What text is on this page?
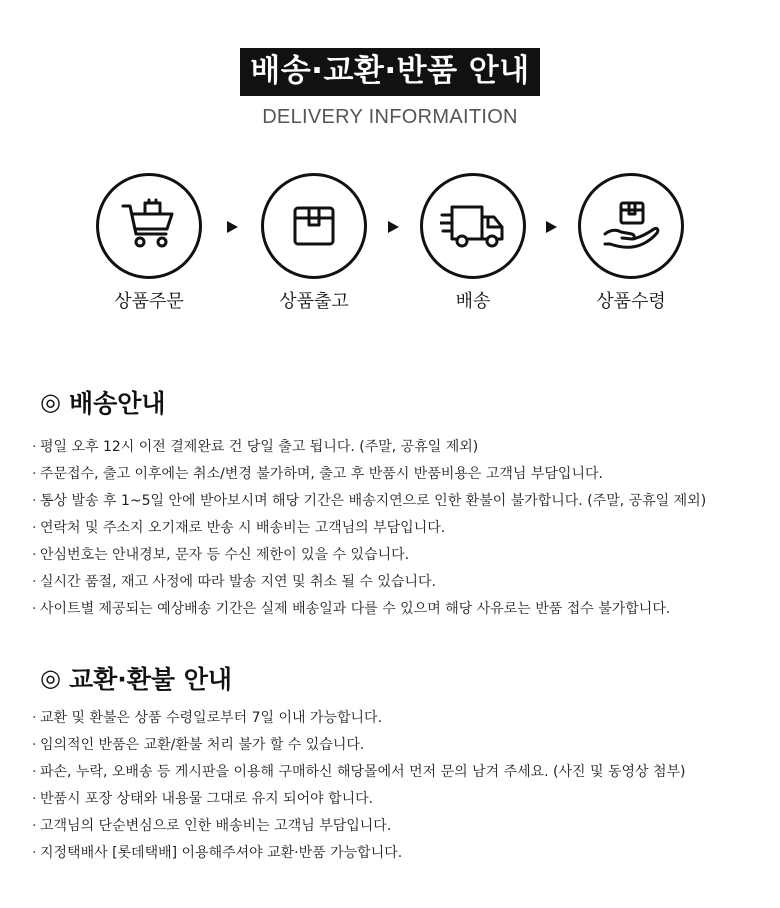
배송·교환·반품 안내
DELIVERY INFORMAITION
상품주문	상품출고	배송	상품수령
◎ 배송안내
· 평일 오후 12시 이전 결제완료 건 당일 출고 됩니다. (주말, 공휴일 제외)
· 주문접수, 출고 이후에는 취소/변경 불가하며, 출고 후 반품시 반품비용은 고객님 부담입니다.
· 통상 발송 후 1~5일 안에 받아보시며 해당 기간은 배송지연으로 인한 환불이 불가합니다. (주말, 공휴일 제외)
· 연락처 및 주소지 오기재로 반송 시 배송비는 고객님의 부담입니다.
· 안심번호는 안내경보, 문자 등 수신 제한이 있을 수 있습니다.
· 실시간 품절, 재고 사정에 따라 발송 지연 및 취소 될 수 있습니다.
· 사이트별 제공되는 예상배송 기간은 실제 배송일과 다를 수 있으며 해당 사유로는 반품 접수 불가합니다.
◎ 교환·환불 안내
· 교환 및 환불은 상품 수령일로부터 7일 이내 가능합니다.
· 임의적인 반품은 교환/환불 처리 불가 할 수 있습니다.
· 파손, 누락, 오배송 등 게시판을 이용해 구매하신 해당몰에서 먼저 문의 남겨 주세요. (사진 및 동영상 첨부)
· 반품시 포장 상태와 내용물 그대로 유지 되어야 합니다.
· 고객님의 단순변심으로 인한 배송비는 고객님 부담입니다.
· 지정택배사 [롯데택배] 이용해주셔야 교환·반품 가능합니다.
